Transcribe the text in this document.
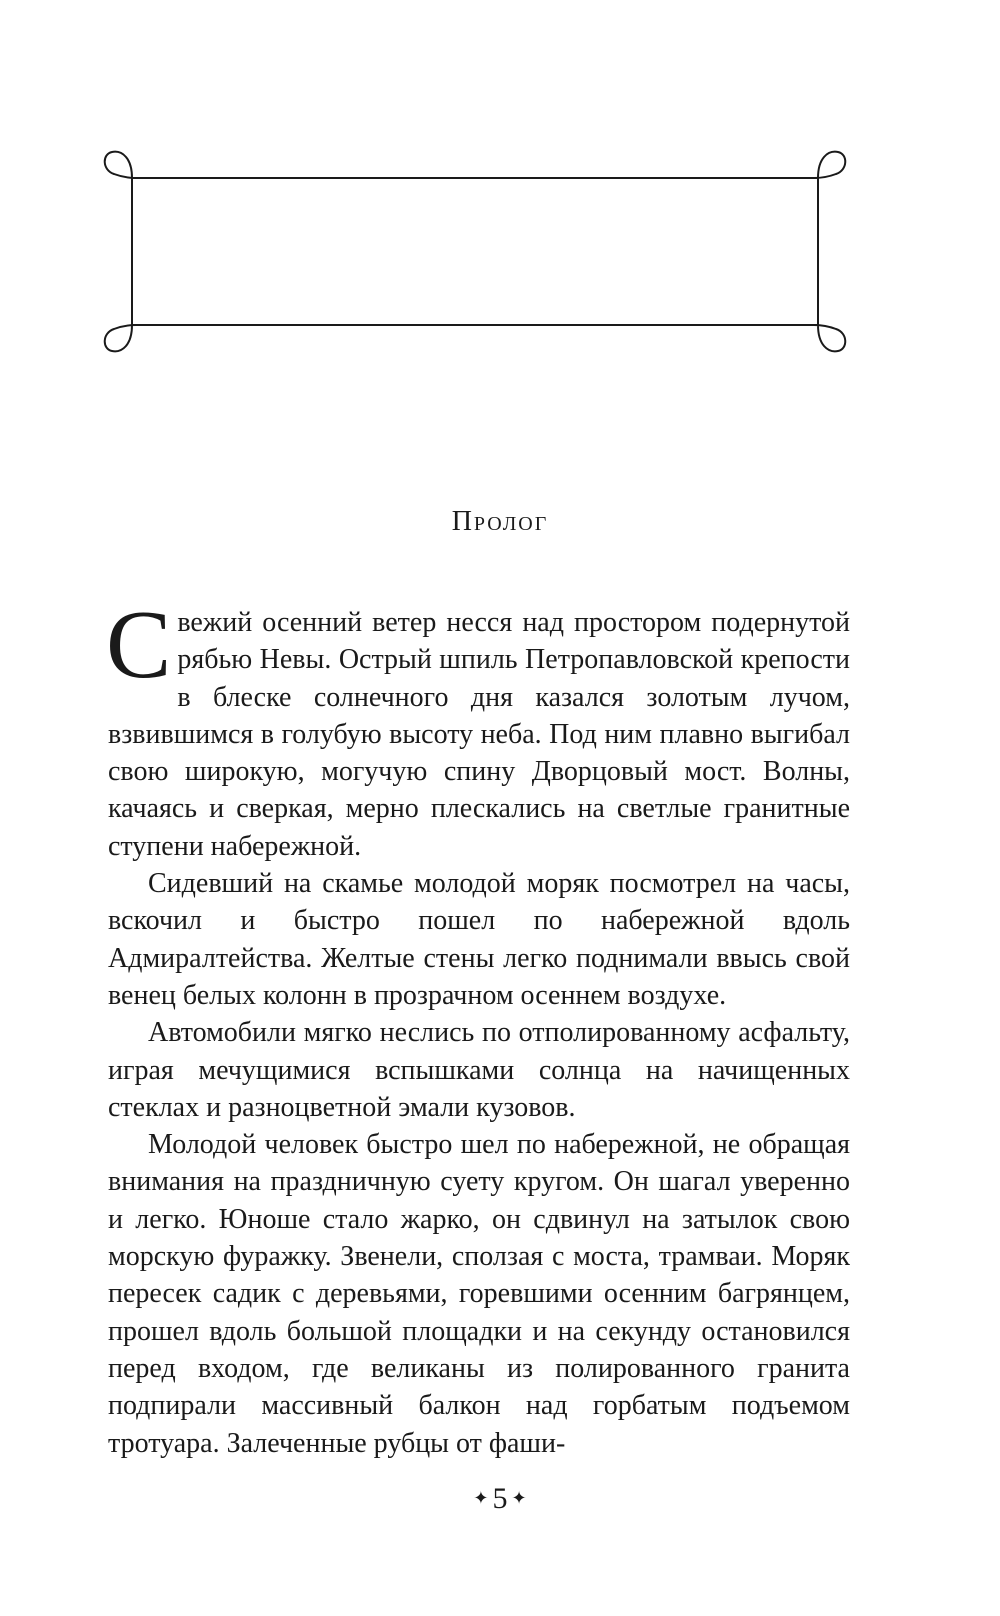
Пролог

Свежий осенний ветер несся над простором подернутой рябью Невы. Острый шпиль Петропавловской крепости в блеске солнечного дня казался золотым лучом, взвившимся в голубую высоту неба. Под ним плавно выгибал свою широкую, могучую спину Дворцовый мост. Волны, качаясь и сверкая, мерно плескались на светлые гранитные ступени набережной.

Сидевший на скамье молодой моряк посмотрел на часы, вскочил и быстро пошел по набережной вдоль Адмиралтейства. Желтые стены легко поднимали ввысь свой венец белых колонн в прозрачном осеннем воздухе.

Автомобили мягко неслись по отполированному асфальту, играя мечущимися вспышками солнца на начищенных стеклах и разноцветной эмали кузовов.

Молодой человек быстро шел по набережной, не обращая внимания на праздничную суету кругом. Он шагал уверенно и легко. Юноше стало жарко, он сдвинул на затылок свою морскую фуражку. Звенели, сползая с моста, трамваи. Моряк пересек садик с деревьями, горевшими осенним багрянцем, прошел вдоль большой площадки и на секунду остановился перед входом, где великаны из полированного гранита подпирали массивный балкон над горбатым подъемом тротуара. Залеченные рубцы от фаши-

✦ 5 ✦
